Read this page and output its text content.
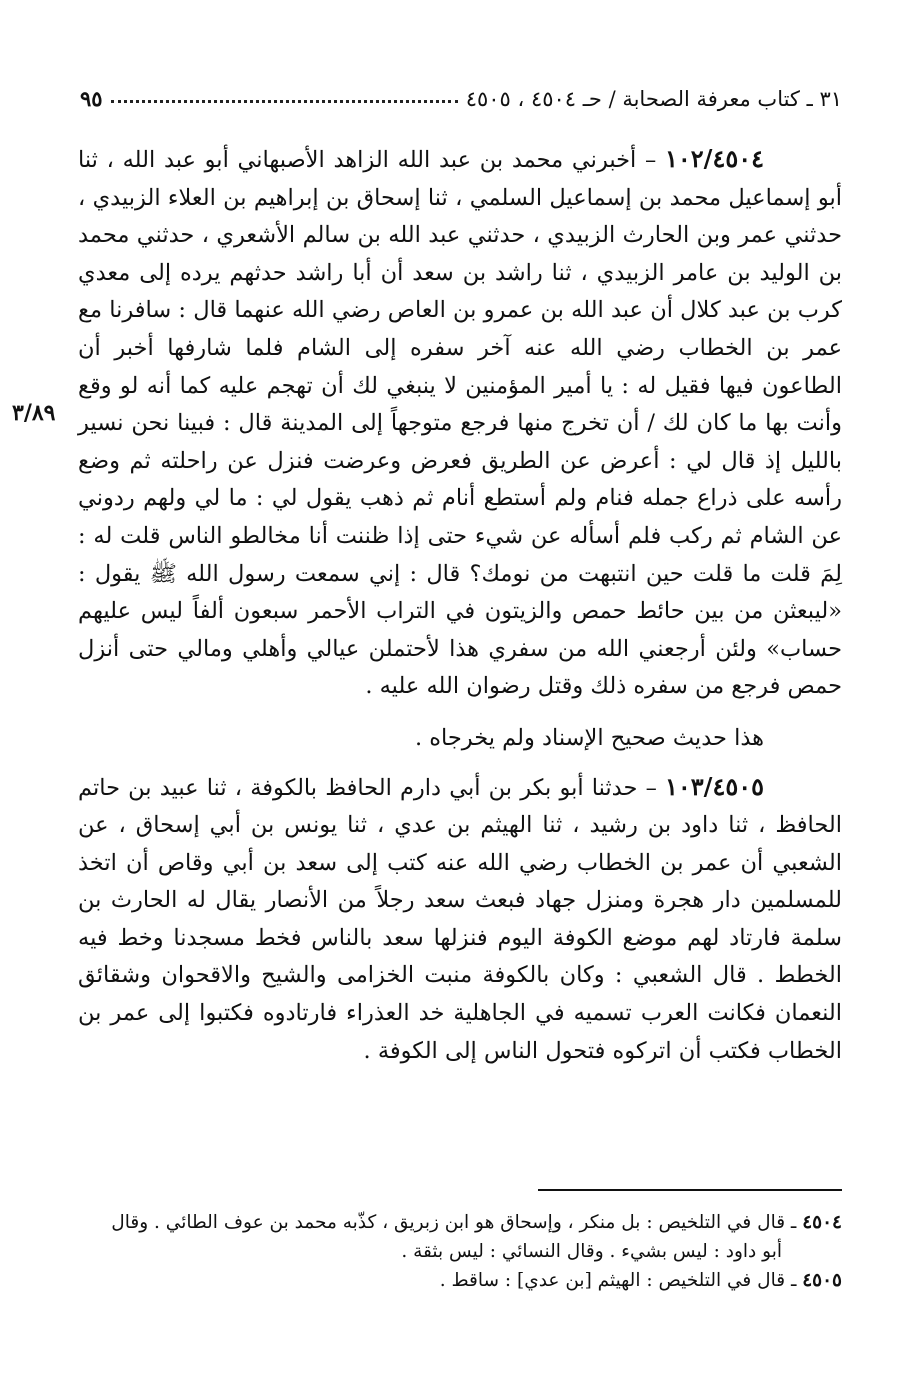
٣١ ـ كتاب معرفة الصحابة / حـ ٤٥٠٤ ، ٤٥٠٥
٩٥
٣/٨٩

١٠٢/٤٥٠٤ – أخبرني محمد بن عبد الله الزاهد الأصبهاني أبو عبد الله ، ثنا أبو إسماعيل محمد بن إسماعيل السلمي ، ثنا إسحاق بن إبراهيم بن العلاء الزبيدي ، حدثني عمر وبن الحارث الزبيدي ، حدثني عبد الله بن سالم الأشعري ، حدثني محمد بن الوليد بن عامر الزبيدي ، ثنا راشد بن سعد أن أبا راشد حدثهم يرده إلى معدي كرب بن عبد كلال أن عبد الله بن عمرو بن العاص رضي الله عنهما قال : سافرنا مع عمر بن الخطاب رضي الله عنه آخر سفره إلى الشام فلما شارفها أخبر أن الطاعون فيها فقيل له : يا أمير المؤمنين لا ينبغي لك أن تهجم عليه كما أنه لو وقع وأنت بها ما كان لك / أن تخرج منها فرجع متوجهاً إلى المدينة قال : فبينا نحن نسير بالليل إذ قال لي : أعرض عن الطريق فعرض وعرضت فنزل عن راحلته ثم وضع رأسه على ذراع جمله فنام ولم أستطع أنام ثم ذهب يقول لي : ما لي ولهم ردوني عن الشام ثم ركب فلم أسأله عن شيء حتى إذا ظننت أنا مخالطو الناس قلت له : لِمَ قلت ما قلت حين انتبهت من نومك؟ قال : إني سمعت رسول الله ﷺ يقول : «ليبعثن من بين حائط حمص والزيتون في التراب الأحمر سبعون ألفاً ليس عليهم حساب» ولئن أرجعني الله من سفري هذا لأحتملن عيالي وأهلي ومالي حتى أنزل حمص فرجع من سفره ذلك وقتل رضوان الله عليه .

هذا حديث صحيح الإسناد ولم يخرجاه .

١٠٣/٤٥٠٥ – حدثنا أبو بكر بن أبي دارم الحافظ بالكوفة ، ثنا عبيد بن حاتم الحافظ ، ثنا داود بن رشيد ، ثنا الهيثم بن عدي ، ثنا يونس بن أبي إسحاق ، عن الشعبي أن عمر بن الخطاب رضي الله عنه كتب إلى سعد بن أبي وقاص أن اتخذ للمسلمين دار هجرة ومنزل جهاد فبعث سعد رجلاً من الأنصار يقال له الحارث بن سلمة فارتاد لهم موضع الكوفة اليوم فنزلها سعد بالناس فخط مسجدنا وخط فيه الخطط . قال الشعبي : وكان بالكوفة منبت الخزامى والشيح والاقحوان وشقائق النعمان فكانت العرب تسميه في الجاهلية خد العذراء فارتادوه فكتبوا إلى عمر بن الخطاب فكتب أن اتركوه فتحول الناس إلى الكوفة .

٤٥٠٤ ـ قال في التلخيص : بل منكر ، وإسحاق هو ابن زبريق ، كذّبه محمد بن عوف الطائي . وقال

أبو داود : ليس بشيء . وقال النسائي : ليس بثقة .

٤٥٠٥ ـ قال في التلخيص : الهيثم [بن عدي] : ساقط .
